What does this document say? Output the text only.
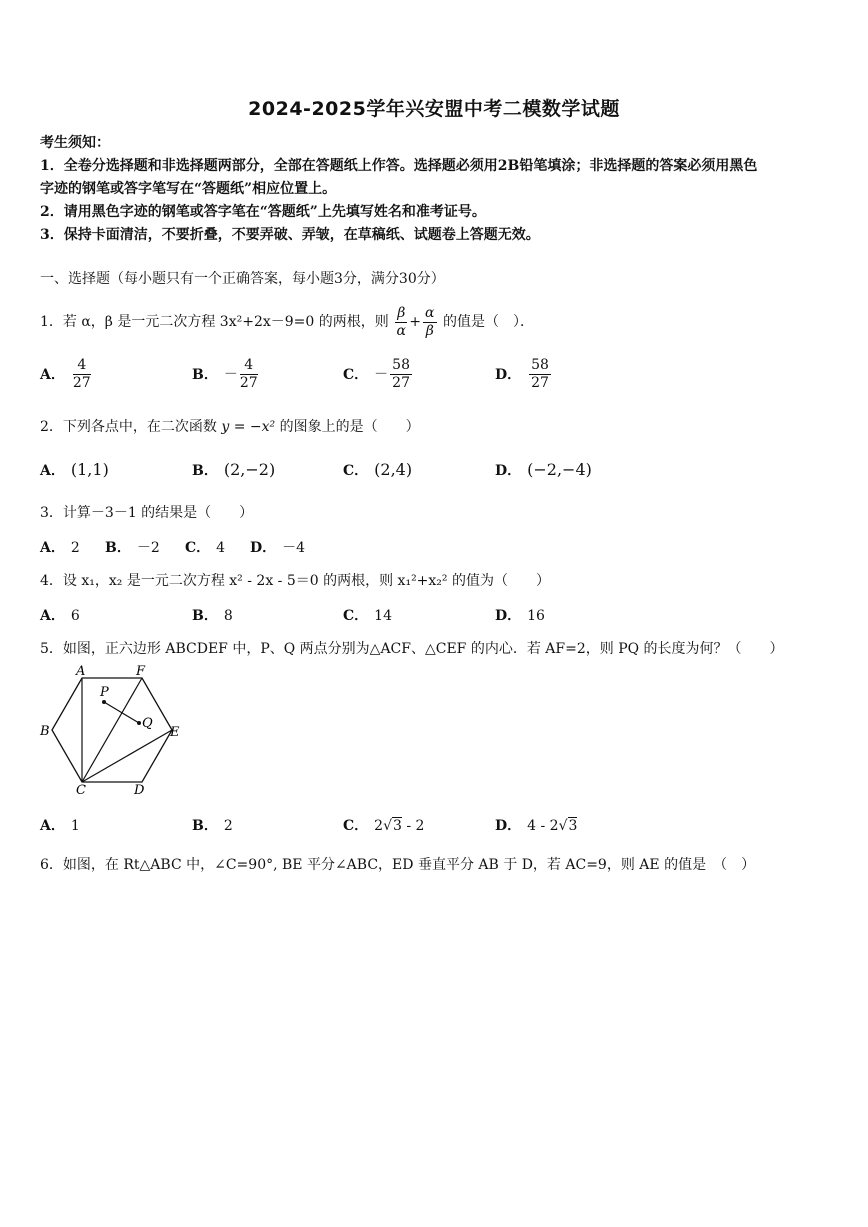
2024-2025学年兴安盟中考二模数学试题
考生须知：
1．全卷分选择题和非选择题两部分，全部在答题纸上作答。选择题必须用2B铅笔填涂；非选择题的答案必须用黑色
字迹的钢笔或答字笔写在“答题纸”相应位置上。
2．请用黑色字迹的钢笔或答字笔在“答题纸”上先填写姓名和准考证号。
3．保持卡面清洁，不要折叠，不要弄破、弄皱，在草稿纸、试题卷上答题无效。
一、选择题（每小题只有一个正确答案，每小题3分，满分30分）
1．若 α，β 是一元二次方程 3x²+2x－9=0 的两根，则 $\frac{\beta}{\alpha} + \frac{\alpha}{\beta}$ 的值是（　）．
A． $\frac{4}{27}$	B． － $\frac{4}{27}$	C． － $\frac{58}{27}$	D． $\frac{58}{27}$
2．下列各点中，在二次函数 y = −x² 的图象上的是（　　）
A． (1,1)	B． (2,−2)	C． (2,4)	D． (−2,−4)
3．计算－3－1 的结果是（　　）
A． 2 B． －2 C． 4 D． －4
4．设 x₁，x₂ 是一元二次方程 x² - 2x - 5＝0 的两根，则 x₁²+x₂² 的值为（　　）
A． 6	B． 8	C． 14	D． 16
5．如图，正六边形 ABCDEF 中，P、Q 两点分别为△ACF、△CEF 的内心．若 AF=2，则 PQ 的长度为何？（　　）
A	F
B	E
C	D
P
Q
A． 1	B． 2	C． 2√3 - 2	D． 4 - 2√3
6．如图，在 Rt△ABC 中，∠C=90°, BE 平分∠ABC，ED 垂直平分 AB 于 D，若 AC=9，则 AE 的值是　（　）
